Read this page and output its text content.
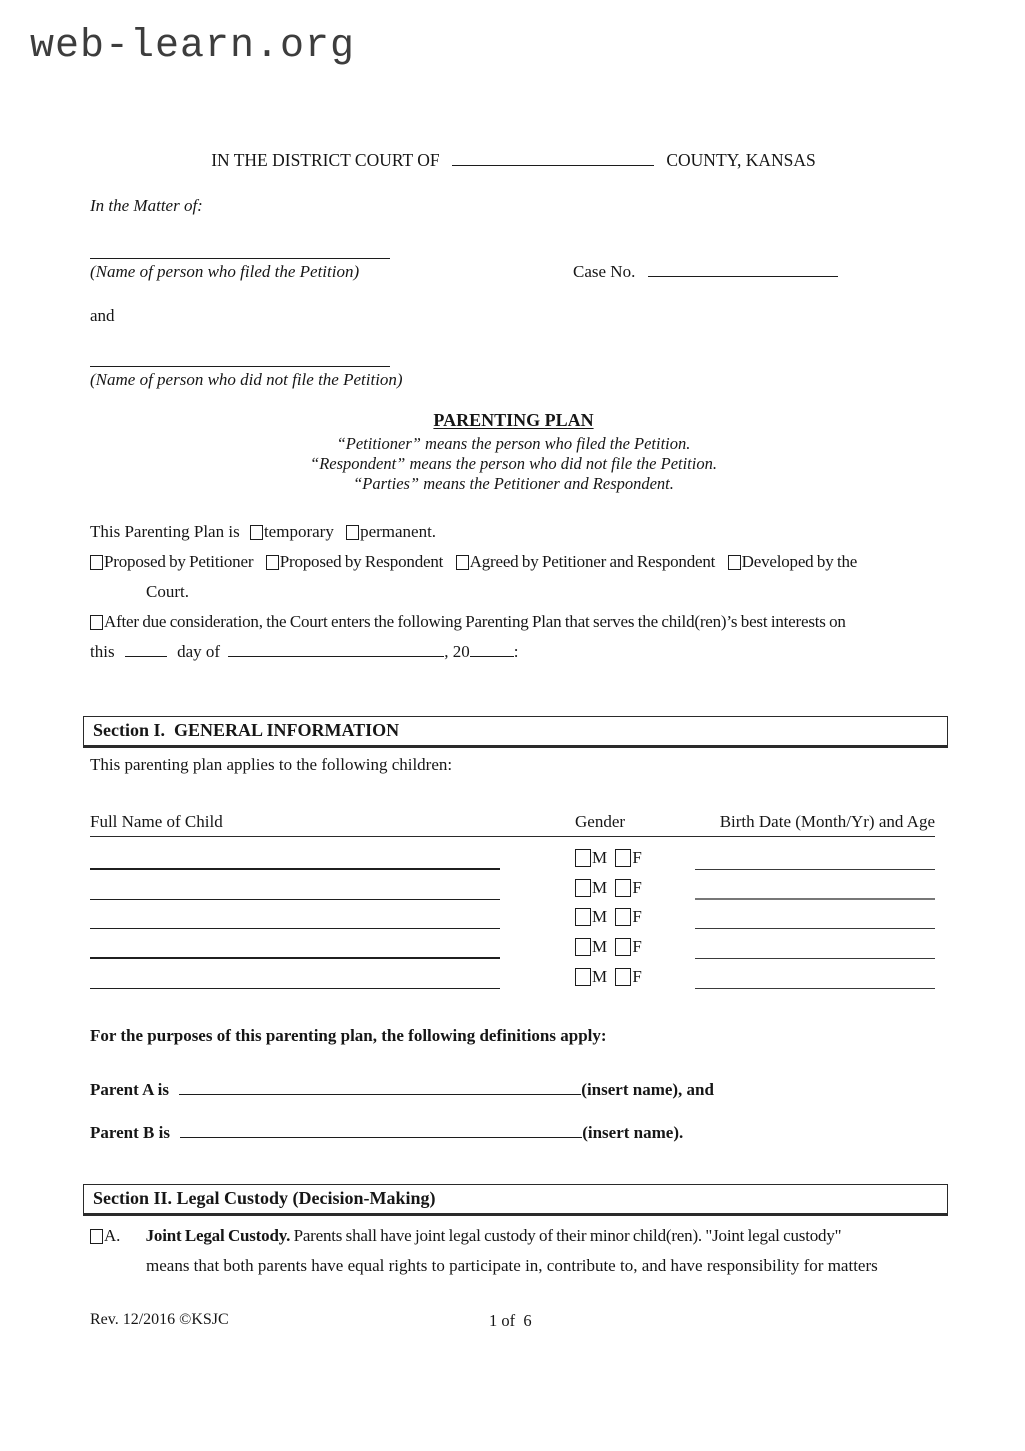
web-learn.org
IN THE DISTRICT COURT OF	COUNTY, KANSAS
In the Matter of:
(Name of person who filed the Petition)	Case No.
and
(Name of person who did not file the Petition)
PARENTING PLAN
“Petitioner” means the person who filed the Petition.
“Respondent” means the person who did not file the Petition.
“Parties” means the Petitioner and Respondent.
This Parenting Plan is temporary permanent.
Proposed by Petitioner Proposed by Respondent Agreed by Petitioner and Respondent Developed by the
Court.
After due consideration, the Court enters the following Parenting Plan that serves the child(ren)’s best interests on
this	day of	, 20	:
Section I.  GENERAL INFORMATION
This parenting plan applies to the following children:
Full Name of Child	Gender	Birth Date (Month/Yr) and Age
M F
M F
M F
M F
M F
For the purposes of this parenting plan, the following definitions apply:
Parent A is	(insert name), and
Parent B is	(insert name).
Section II. Legal Custody (Decision-Making)
A. Joint Legal Custody. Parents shall have joint legal custody of their minor child(ren). "Joint legal custody"
means that both parents have equal rights to participate in, contribute to, and have responsibility for matters
Rev. 12/2016 ©KSJC	1 of  6
